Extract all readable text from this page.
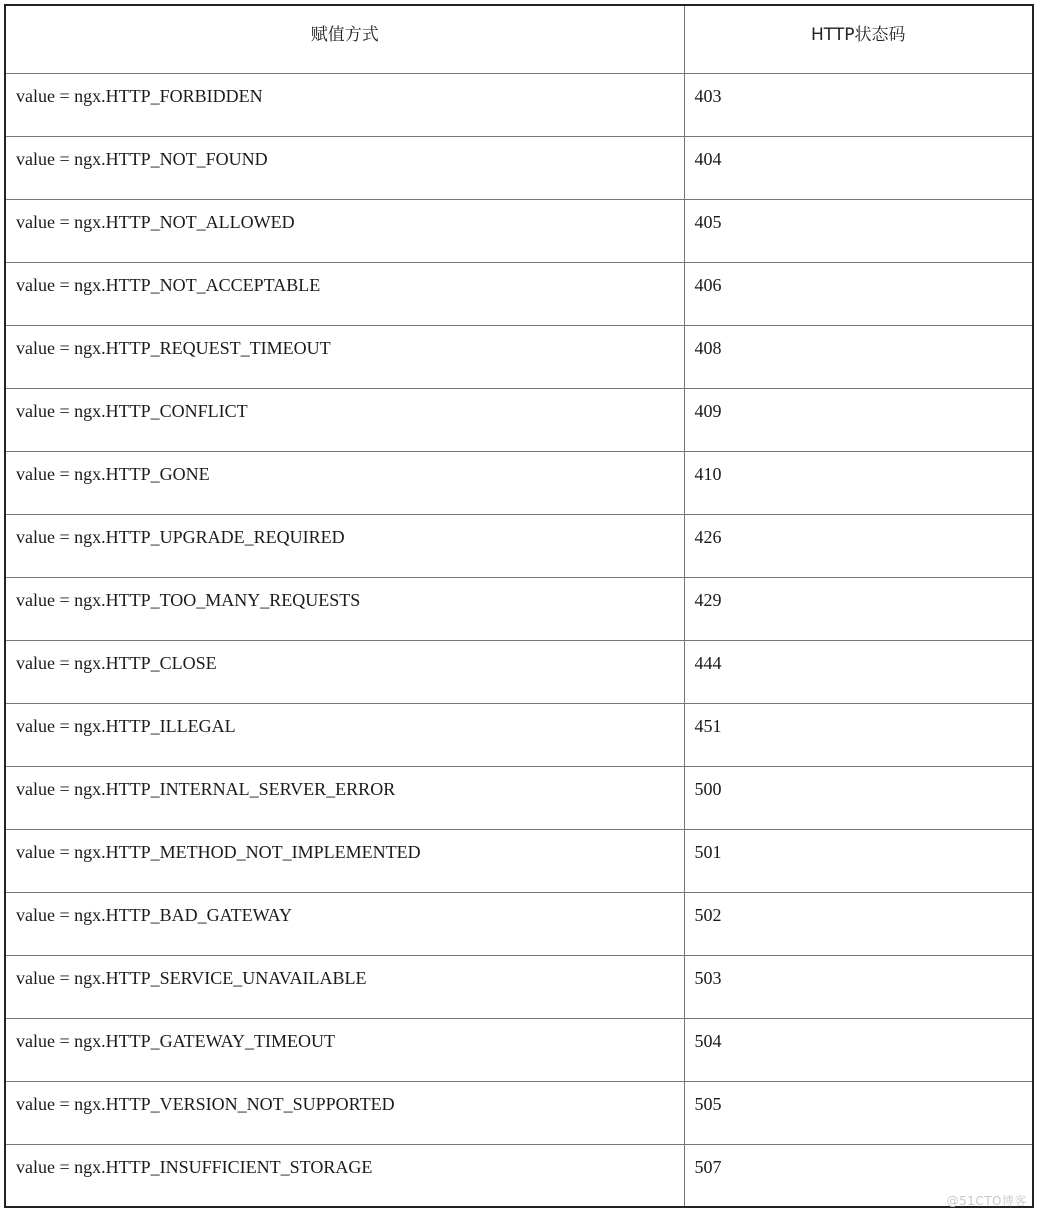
赋值方式	HTTP状态码
value = ngx.HTTP_FORBIDDEN	403
value = ngx.HTTP_NOT_FOUND	404
value = ngx.HTTP_NOT_ALLOWED	405
value = ngx.HTTP_NOT_ACCEPTABLE	406
value = ngx.HTTP_REQUEST_TIMEOUT	408
value = ngx.HTTP_CONFLICT	409
value = ngx.HTTP_GONE	410
value = ngx.HTTP_UPGRADE_REQUIRED	426
value = ngx.HTTP_TOO_MANY_REQUESTS	429
value = ngx.HTTP_CLOSE	444
value = ngx.HTTP_ILLEGAL	451
value = ngx.HTTP_INTERNAL_SERVER_ERROR	500
value = ngx.HTTP_METHOD_NOT_IMPLEMENTED	501
value = ngx.HTTP_BAD_GATEWAY	502
value = ngx.HTTP_SERVICE_UNAVAILABLE	503
value = ngx.HTTP_GATEWAY_TIMEOUT	504
value = ngx.HTTP_VERSION_NOT_SUPPORTED	505
value = ngx.HTTP_INSUFFICIENT_STORAGE	507
@51CTO博客
